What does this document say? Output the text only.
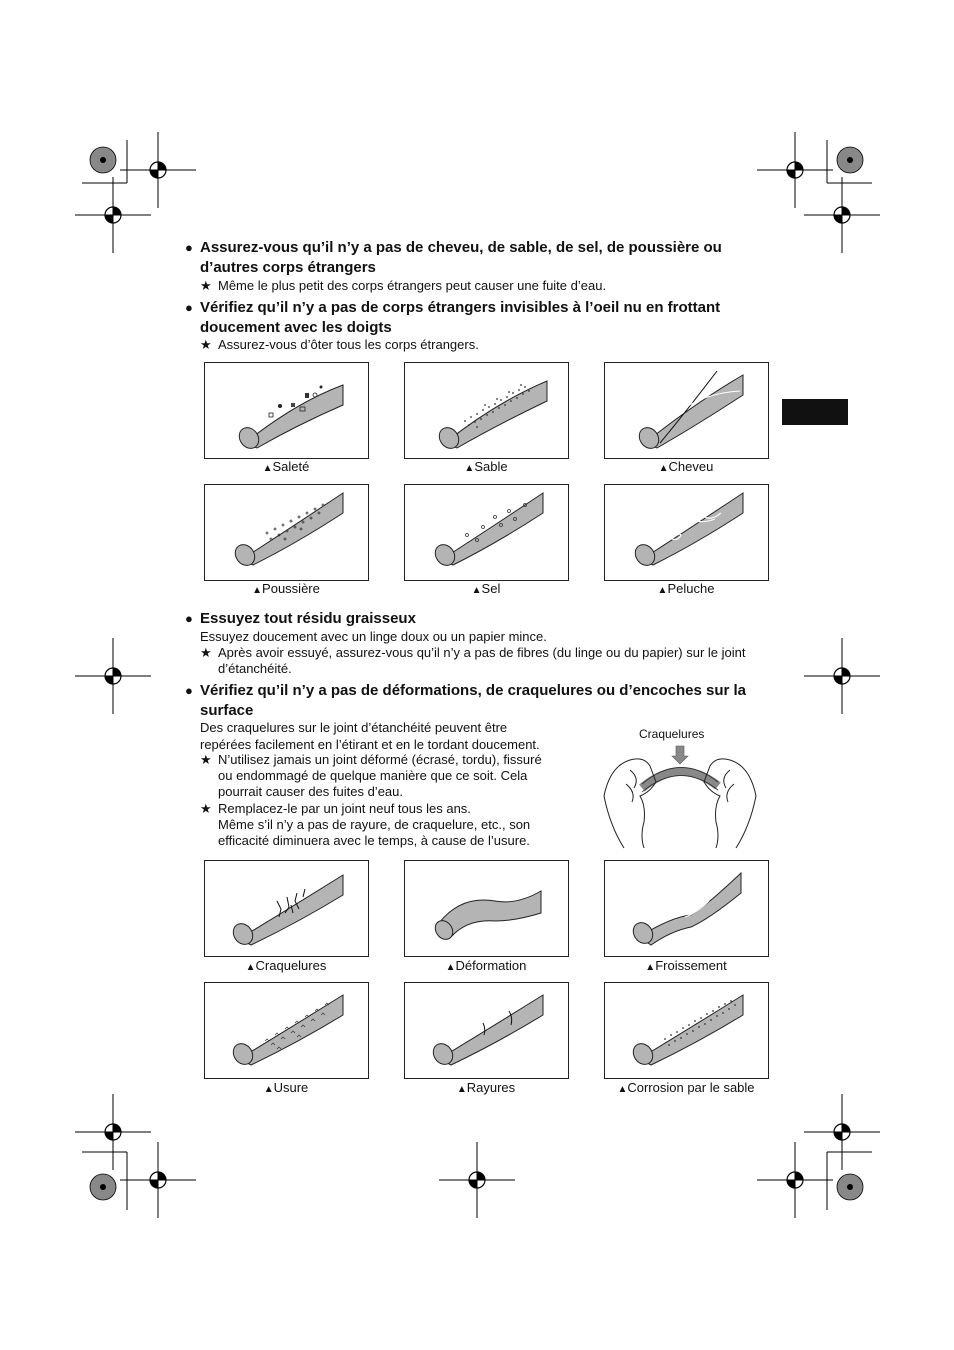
● Assurez-vous qu’il n’y a pas de cheveu, de sable, de sel, de poussière ou d’autres corps étrangers
★ Même le plus petit des corps étrangers peut causer une fuite d’eau.
● Vérifiez qu’il n’y a pas de corps étrangers invisibles à l’oeil nu en frottant doucement avec les doigts
★ Assurez-vous d’ôter tous les corps étrangers.
▲Saleté	▲Sable	▲Cheveu
▲Poussière	▲Sel	▲Peluche
● Essuyez tout résidu graisseux
Essuyez doucement avec un linge doux ou un papier mince.
★ Après avoir essuyé, assurez-vous qu’il n’y a pas de fibres (du linge ou du papier) sur le joint d’étanchéité.
● Vérifiez qu’il n’y a pas de déformations, de craquelures ou d’encoches sur la surface
Des craquelures sur le joint d’étanchéité peuvent être
repérées facilement en l’étirant et en le tordant doucement.
★ N’utilisez jamais un joint déformé (écrasé, tordu), fissuré
ou endommagé de quelque manière que ce soit. Cela
pourrait causer des fuites d’eau.
★ Remplacez-le par un joint neuf tous les ans.
Même s’il n’y a pas de rayure, de craquelure, etc., son
efficacité diminuera avec le temps, à cause de l’usure.
Craquelures
▲Craquelures	▲Déformation	▲Froissement
▲Usure	▲Rayures	▲Corrosion par le sable
